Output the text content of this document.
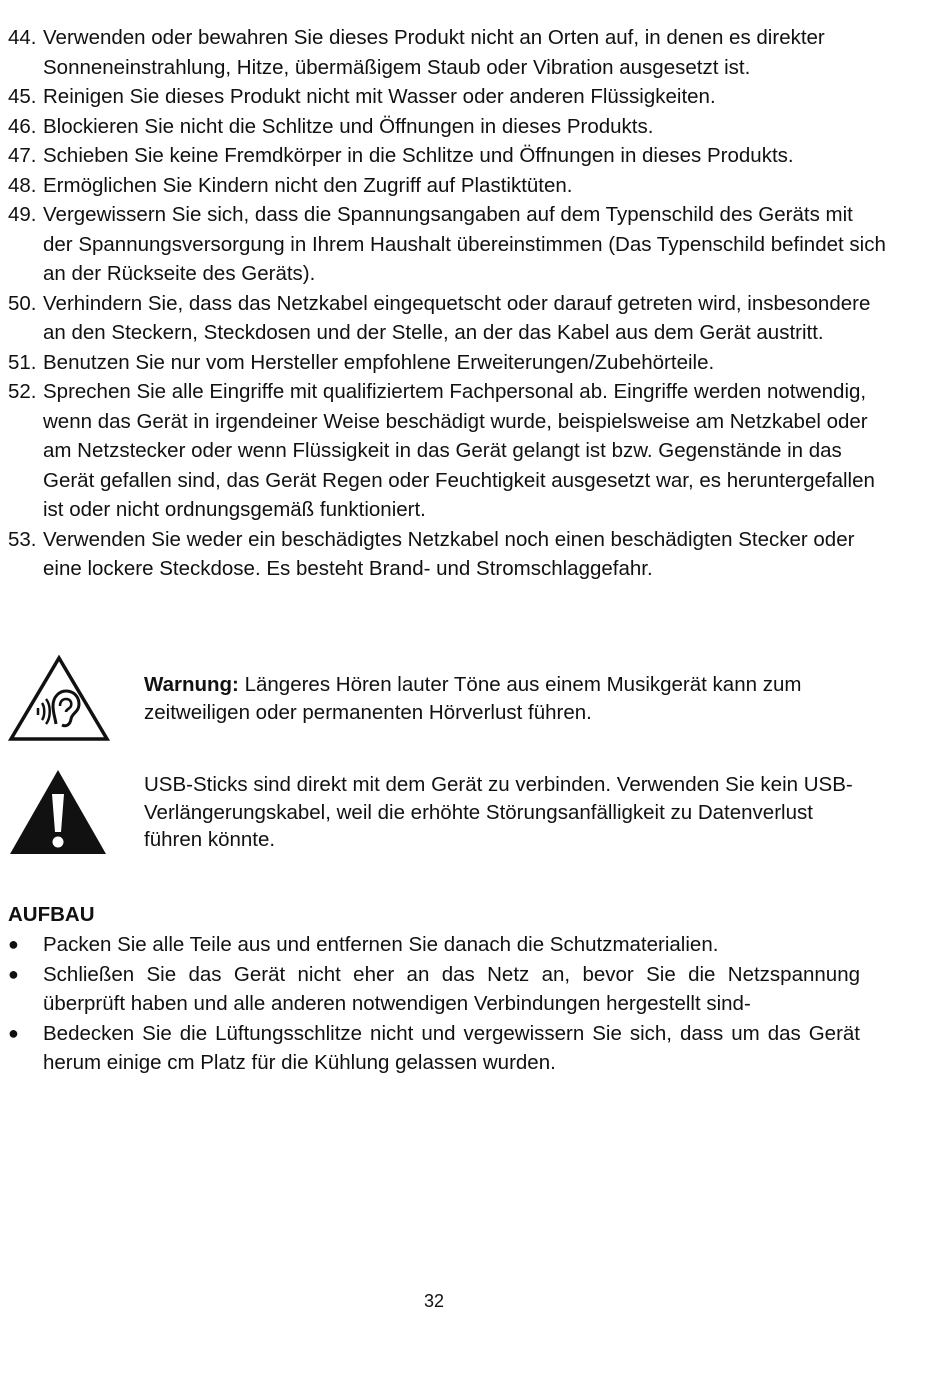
44. Verwenden oder bewahren Sie dieses Produkt nicht an Orten auf, in denen es direkter Sonneneinstrahlung, Hitze, übermäßigem Staub oder Vibration ausgesetzt ist.
45. Reinigen Sie dieses Produkt nicht mit Wasser oder anderen Flüssigkeiten.
46. Blockieren Sie nicht die Schlitze und Öffnungen in dieses Produkts.
47. Schieben Sie keine Fremdkörper in die Schlitze und Öffnungen in dieses Produkts.
48. Ermöglichen Sie Kindern nicht den Zugriff auf Plastiktüten.
49. Vergewissern Sie sich, dass die Spannungsangaben auf dem Typenschild des Geräts mit der Spannungsversorgung in Ihrem Haushalt übereinstimmen (Das Typenschild befindet sich an der Rückseite des Geräts).
50. Verhindern Sie, dass das Netzkabel eingequetscht oder darauf getreten wird, insbesondere an den Steckern, Steckdosen und der Stelle, an der das Kabel aus dem Gerät austritt.
51. Benutzen Sie nur vom Hersteller empfohlene Erweiterungen/Zubehörteile.
52. Sprechen Sie alle Eingriffe mit qualifiziertem Fachpersonal ab. Eingriffe werden notwendig, wenn das Gerät in irgendeiner Weise beschädigt wurde, beispielsweise am Netzkabel oder am Netzstecker oder wenn Flüssigkeit in das Gerät gelangt ist bzw. Gegenstände in das Gerät gefallen sind, das Gerät Regen oder Feuchtigkeit ausgesetzt war, es heruntergefallen ist oder nicht ordnungsgemäß funktioniert.
53. Verwenden Sie weder ein beschädigtes Netzkabel noch einen beschädigten Stecker oder eine lockere Steckdose. Es besteht Brand- und Stromschlaggefahr.
Warnung: Längeres Hören lauter Töne aus einem Musikgerät kann zum zeitweiligen oder permanenten Hörverlust führen.
USB-Sticks sind direkt mit dem Gerät zu verbinden. Verwenden Sie kein USB-Verlängerungskabel, weil die erhöhte Störungsanfälligkeit zu Datenverlust führen könnte.
AUFBAU
●	Packen Sie alle Teile aus und entfernen Sie danach die Schutzmaterialien.
●	Schließen Sie das Gerät nicht eher an das Netz an, bevor Sie die Netzspannung überprüft haben und alle anderen notwendigen Verbindungen hergestellt sind-
●	Bedecken Sie die Lüftungsschlitze nicht und vergewissern Sie sich, dass um das Gerät herum einige cm Platz für die Kühlung gelassen wurden.
32
